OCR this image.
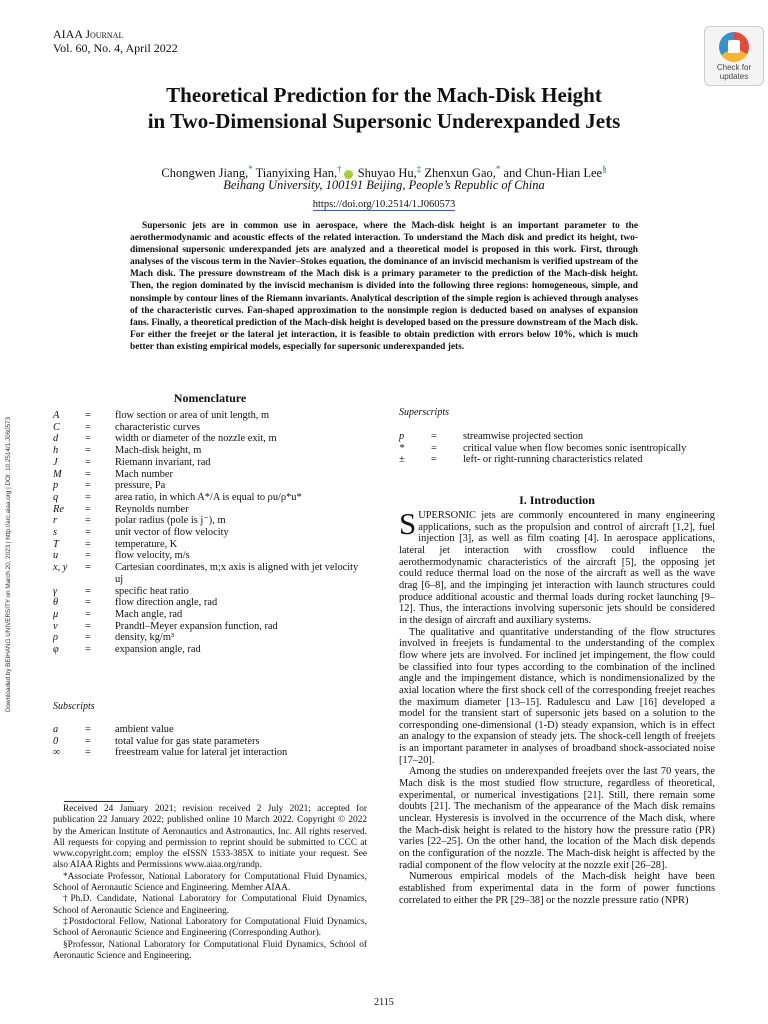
AIAA Journal
Vol. 60, No. 4, April 2022
Check for
updates
Theoretical Prediction for the Mach-Disk Height
in Two-Dimensional Supersonic Underexpanded Jets
Chongwen Jiang,* Tianyixing Han,† Shuyao Hu,‡ Zhenxun Gao,* and Chun-Hian Lee§
Beihang University, 100191 Beijing, People’s Republic of China
https://doi.org/10.2514/1.J060573
Supersonic jets are in common use in aerospace, where the Mach-disk height is an important parameter to the aerothermodynamic and acoustic effects of the related interaction. To understand the Mach disk and predict its height, two-dimensional supersonic underexpanded jets are analyzed and a theoretical model is proposed in this work. First, through analyses of the viscous term in the Navier–Stokes equation, the dominance of an inviscid mechanism is verified upstream of the Mach disk. The pressure downstream of the Mach disk is a primary parameter to the prediction of the Mach-disk height. Then, the region dominated by the inviscid mechanism is divided into the following three regions: homogeneous, simple, and nonsimple by contour lines of the Riemann invariants. Analytical description of the simple region is achieved through analyses of the characteristic curves. Fan-shaped approximation to the nonsimple region is deducted based on analyses of expansion fans. Finally, a theoretical prediction of the Mach-disk height is developed based on the pressure downstream of the Mach disk. For either the freejet or the lateral jet interaction, it is feasible to obtain prediction with errors below 10%, which is much better than existing empirical models, especially for supersonic underexpanded jets.
Downloaded by BEIHANG UNIVERSITY on March 20, 2023 | http://arc.aiaa.org | DOI: 10.2514/1.J060573
Nomenclature
A	=	flow section or area of unit length, m
C	=	characteristic curves
d	=	width or diameter of the nozzle exit, m
h	=	Mach-disk height, m
J	=	Riemann invariant, rad
M	=	Mach number
p	=	pressure, Pa
q	=	area ratio, in which A*/A is equal to ρu/ρ*u*
Re	=	Reynolds number
r	=	polar radius (pole is j⁻), m
s	=	unit vector of flow velocity
T	=	temperature, K
u	=	flow velocity, m/s
x, y	=	Cartesian coordinates, m;x axis is aligned with jet velocity uj
γ	=	specific heat ratio
θ	=	flow direction angle, rad
μ	=	Mach angle, rad
ν	=	Prandtl–Meyer expansion function, rad
ρ	=	density, kg/m³
φ	=	expansion angle, rad
Subscripts
a	=	ambient value
0	=	total value for gas state parameters
∞	=	freestream value for lateral jet interaction
Superscripts
p	=	streamwise projected section
*	=	critical value when flow becomes sonic isentropically
±	=	left- or right-running characteristics related

Received 24 January 2021; revision received 2 July 2021; accepted for publication 22 January 2022; published online 10 March 2022. Copyright © 2022 by the American Institute of Aeronautics and Astronautics, Inc. All rights reserved. All requests for copying and permission to reprint should be submitted to CCC at www.copyright.com; employ the eISSN 1533-385X to initiate your request. See also AIAA Rights and Permissions www.aiaa.org/randp.

*Associate Professor, National Laboratory for Computational Fluid Dynamics, School of Aeronautic Science and Engineering. Member AIAA.

†Ph.D. Candidate, National Laboratory for Computational Fluid Dynamics, School of Aeronautic Science and Engineering.

‡Postdoctoral Fellow, National Laboratory for Computational Fluid Dynamics, School of Aeronautic Science and Engineering (Corresponding Author).

§Professor, National Laboratory for Computational Fluid Dynamics, School of Aeronautic Science and Engineering.

I. Introduction

SUPERSONIC jets are commonly encountered in many engineering applications, such as the propulsion and control of aircraft [1,2], fuel injection [3], as well as film coating [4]. In aerospace applications, lateral jet interaction with crossflow could influence the aerothermodynamic characteristics of the aircraft [5], the opposing jet could reduce thermal load on the nose of the aircraft as well as the wave drag [6–8], and the impinging jet interaction with launch structures could produce additional acoustic and thermal loads during rocket launching [9–12]. Thus, the interactions involving supersonic jets should be considered in the design of aircraft and auxiliary systems.

The qualitative and quantitative understanding of the flow structures involved in freejets is fundamental to the understanding of the complex flow where jets are involved. For inclined jet impingement, the flow could be classified into four types according to the combination of the inclined angle and the impingement distance, which is nondimensionalized by the axial location where the first shock cell of the corresponding freejet reaches the maximum diameter [13–15]. Radulescu and Law [16] developed a model for the transient start of supersonic jets based on a solution to the corresponding one-dimensional (1-D) steady expansion, which is in effect an analogy to the expansion of steady jets. The shock-cell length of freejets is an important parameter in analyses of broadband shock-associated noise [17–20].

Among the studies on underexpanded freejets over the last 70 years, the Mach disk is the most studied flow structure, regardless of theoretical, experimental, or numerical investigations [21]. Still, there remain some doubts [21]. The mechanism of the appearance of the Mach disk remains unclear. Hysteresis is involved in the occurrence of the Mach disk, where the Mach-disk height is related to the history how the pressure ratio (PR) varies [22–25]. On the other hand, the location of the Mach disk depends on the configuration of the nozzle. The Mach-disk height is affected by the radial component of the flow velocity at the nozzle exit [26–28].

Numerous empirical models of the Mach-disk height have been established from experimental data in the form of power functions correlated to either the PR [29–38] or the nozzle pressure ratio (NPR)

2115
